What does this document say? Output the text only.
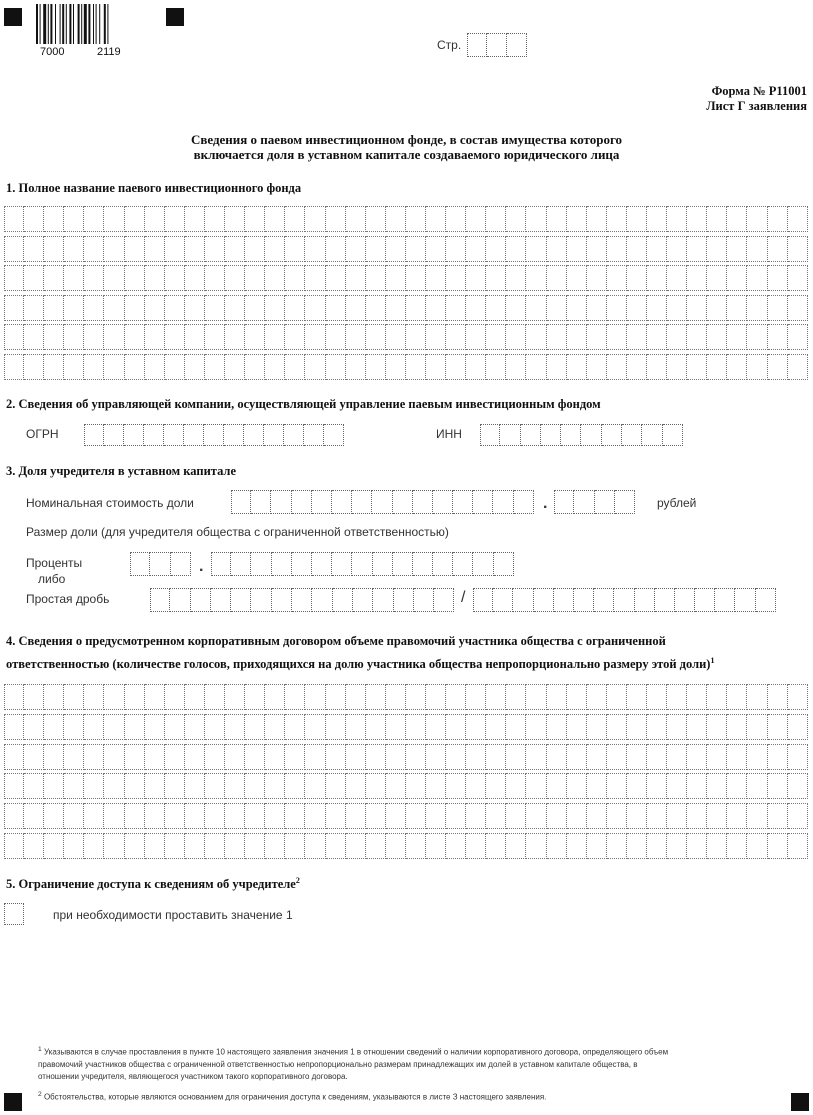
7000	2119	Стр.
Форма № Р11001
Лист Г заявления
Сведения о паевом инвестиционном фонде, в состав имущества которого
включается доля в уставном капитале создаваемого юридического лица
1. Полное название паевого инвестиционного фонда
2. Сведения об управляющей компании, осуществляющей управление паевым инвестиционным фондом
ОГРН	ИНН
3. Доля учредителя в уставном капитале
Номинальная стоимость доли	.	рублей
Размер доли (для учредителя общества с ограниченной ответственностью)
Проценты	.
либо
Простая дробь	/
4. Сведения о предусмотренном корпоративным договором объеме правомочий участника общества с ограниченной
ответственностью (количестве голосов, приходящихся на долю участника общества непропорционально размеру этой доли)$^1$
5. Ограничение доступа к сведениям об учредителе$^2$
при необходимости проставить значение 1
$^1$ Указываются в случае проставления в пункте 10 настоящего заявления значения 1 в отношении сведений о наличии корпоративного договора, определяющего объем
правомочий участников общества с ограниченной ответственностью непропорционально размерам принадлежащих им долей в уставном капитале общества, в
отношении учредителя, являющегося участником такого корпоративного договора.
$^2$ Обстоятельства, которые являются основанием для ограничения доступа к сведениям, указываются в листе З настоящего заявления.
